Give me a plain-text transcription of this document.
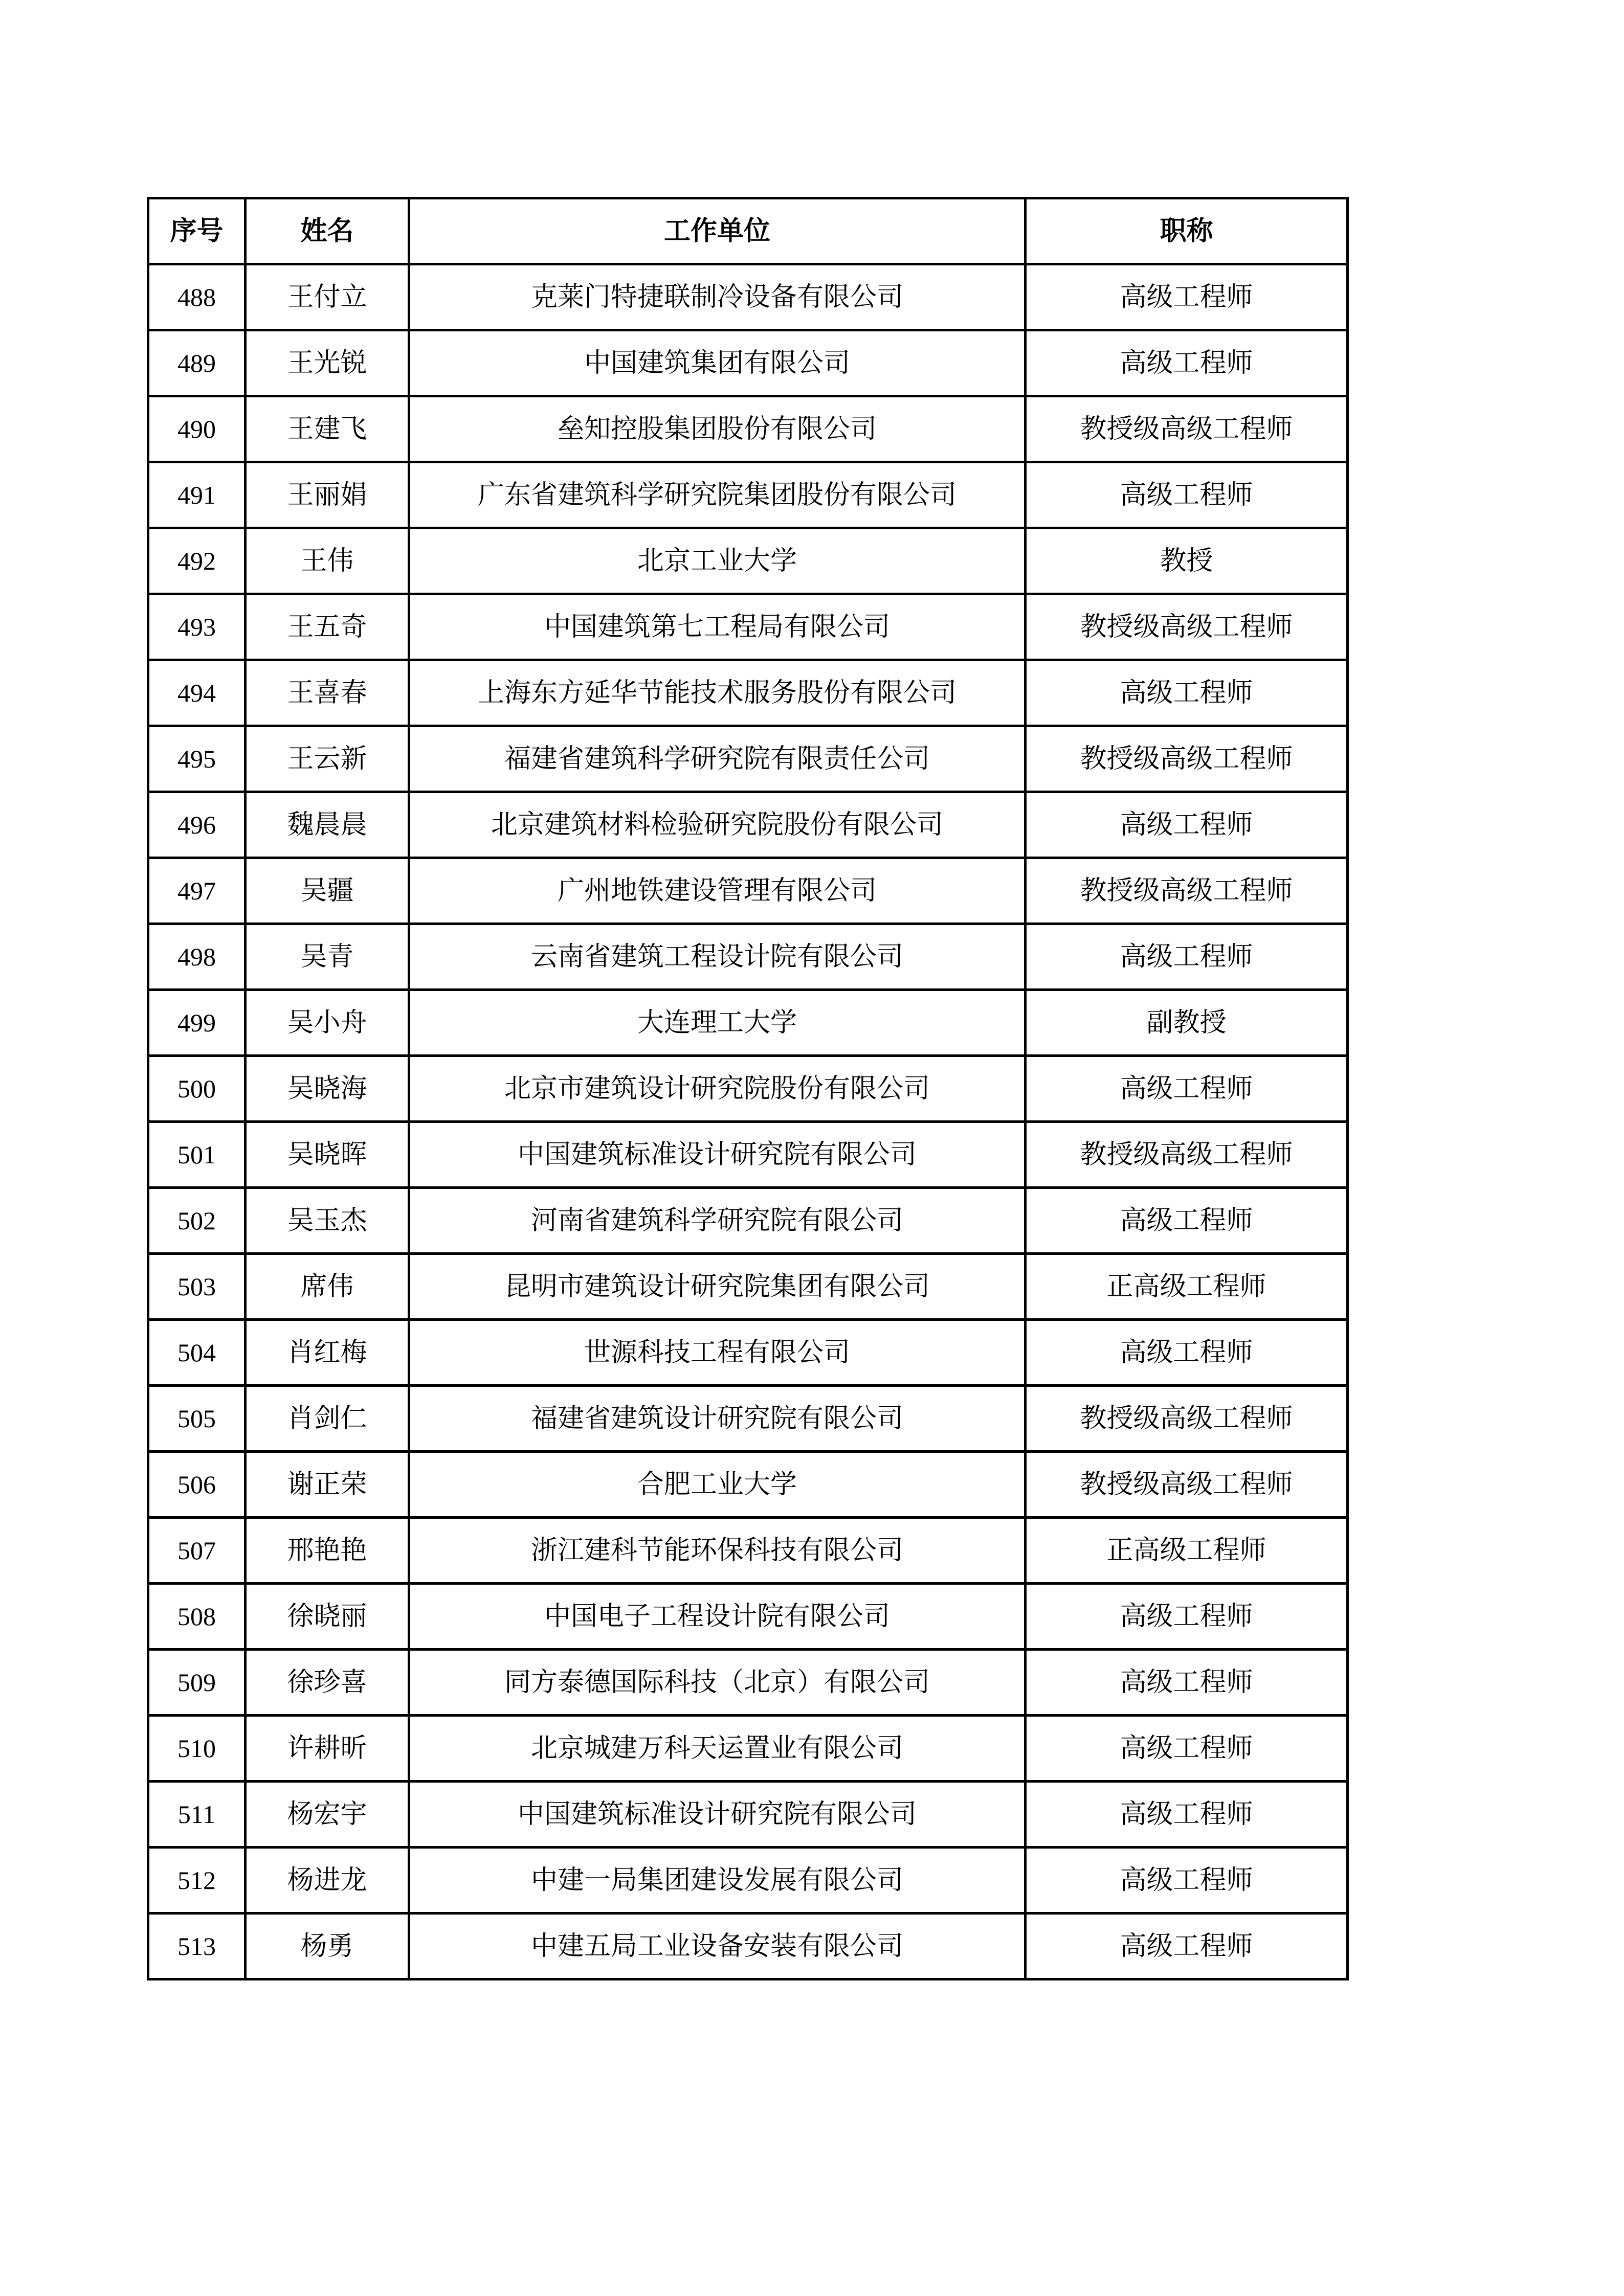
序号	姓名	工作单位	职称
488	王付立	克莱门特捷联制冷设备有限公司	高级工程师
489	王光锐	中国建筑集团有限公司	高级工程师
490	王建飞	垒知控股集团股份有限公司	教授级高级工程师
491	王丽娟	广东省建筑科学研究院集团股份有限公司	高级工程师
492	王伟	北京工业大学	教授
493	王五奇	中国建筑第七工程局有限公司	教授级高级工程师
494	王喜春	上海东方延华节能技术服务股份有限公司	高级工程师
495	王云新	福建省建筑科学研究院有限责任公司	教授级高级工程师
496	魏晨晨	北京建筑材料检验研究院股份有限公司	高级工程师
497	吴疆	广州地铁建设管理有限公司	教授级高级工程师
498	吴青	云南省建筑工程设计院有限公司	高级工程师
499	吴小舟	大连理工大学	副教授
500	吴晓海	北京市建筑设计研究院股份有限公司	高级工程师
501	吴晓晖	中国建筑标准设计研究院有限公司	教授级高级工程师
502	吴玉杰	河南省建筑科学研究院有限公司	高级工程师
503	席伟	昆明市建筑设计研究院集团有限公司	正高级工程师
504	肖红梅	世源科技工程有限公司	高级工程师
505	肖剑仁	福建省建筑设计研究院有限公司	教授级高级工程师
506	谢正荣	合肥工业大学	教授级高级工程师
507	邢艳艳	浙江建科节能环保科技有限公司	正高级工程师
508	徐晓丽	中国电子工程设计院有限公司	高级工程师
509	徐珍喜	同方泰德国际科技（北京）有限公司	高级工程师
510	许耕昕	北京城建万科天运置业有限公司	高级工程师
511	杨宏宇	中国建筑标准设计研究院有限公司	高级工程师
512	杨进龙	中建一局集团建设发展有限公司	高级工程师
513	杨勇	中建五局工业设备安装有限公司	高级工程师
